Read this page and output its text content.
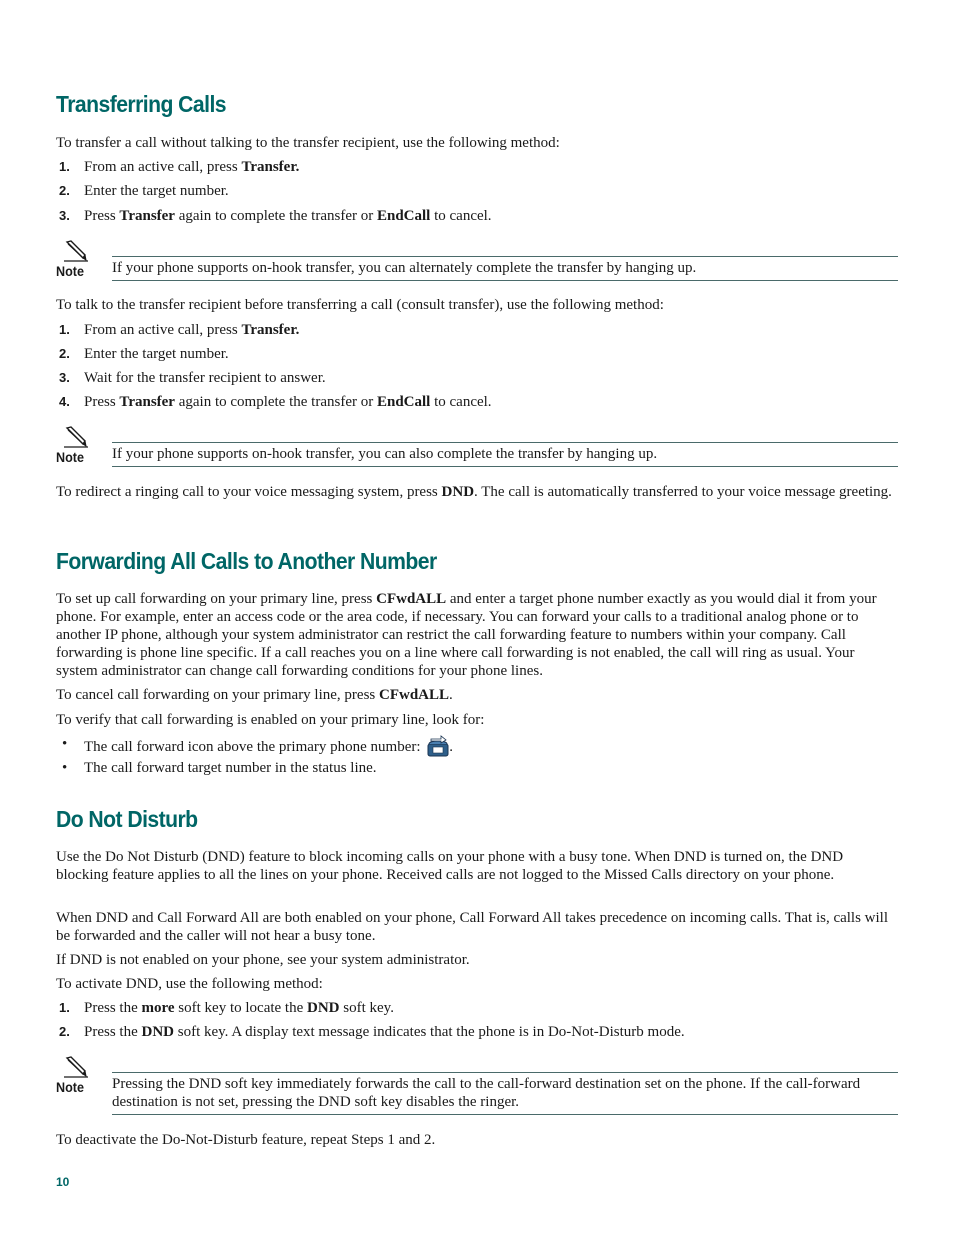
Transferring Calls

To transfer a call without talking to the transfer recipient, use the following method:

1. From an active call, press Transfer.
2. Enter the target number.
3. Press Transfer again to complete the transfer or EndCall to cancel.
Note If your phone supports on-hook transfer, you can alternately complete the transfer by hanging up.

To talk to the transfer recipient before transferring a call (consult transfer), use the following method:

1. From an active call, press Transfer.
2. Enter the target number.
3. Wait for the transfer recipient to answer.
4. Press Transfer again to complete the transfer or EndCall to cancel.
Note If your phone supports on-hook transfer, you can also complete the transfer by hanging up.

To redirect a ringing call to your voice messaging system, press DND. The call is automatically transferred to your voice message greeting.

Forwarding All Calls to Another Number

To set up call forwarding on your primary line, press CFwdALL and enter a target phone number exactly as you would dial it from your phone. For example, enter an access code or the area code, if necessary. You can forward your calls to a traditional analog phone or to another IP phone, although your system administrator can restrict the call forwarding feature to numbers within your company. Call forwarding is phone line specific. If a call reaches you on a line where call forwarding is not enabled, the call will ring as usual. Your system administrator can change call forwarding conditions for your phone lines.

To cancel call forwarding on your primary line, press CFwdALL.

To verify that call forwarding is enabled on your primary line, look for:

• The call forward icon above the primary phone number: .
• The call forward target number in the status line.
Do Not Disturb

Use the Do Not Disturb (DND) feature to block incoming calls on your phone with a busy tone. When DND is turned on, the DND blocking feature applies to all the lines on your phone. Received calls are not logged to the Missed Calls directory on your phone.

When DND and Call Forward All are both enabled on your phone, Call Forward All takes precedence on incoming calls. That is, calls will be forwarded and the caller will not hear a busy tone.

If DND is not enabled on your phone, see your system administrator.

To activate DND, use the following method:

1. Press the more soft key to locate the DND soft key.
2. Press the DND soft key. A display text message indicates that the phone is in Do-Not-Disturb mode.
Note Pressing the DND soft key immediately forwards the call to the call-forward destination set on the phone. If the call-forward destination is not set, pressing the DND soft key disables the ringer.

To deactivate the Do-Not-Disturb feature, repeat Steps 1 and 2.

10
